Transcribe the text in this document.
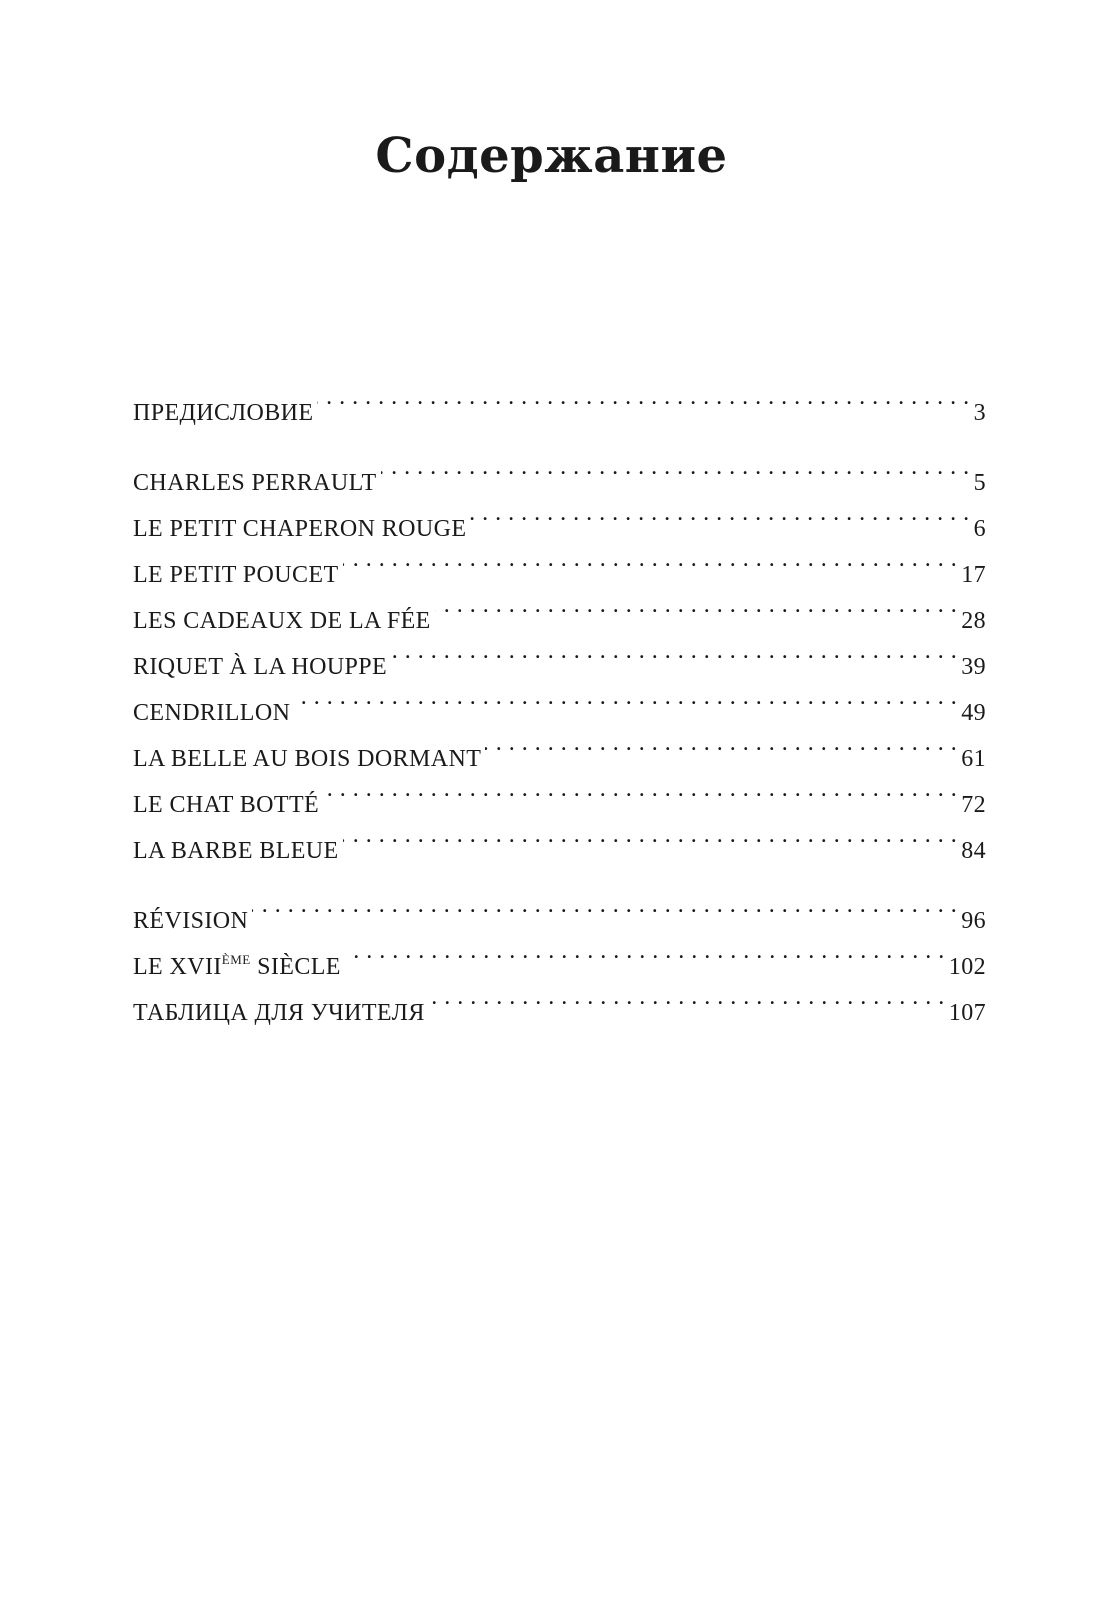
Содержание
ПРЕДИСЛОВИЕ . . .	3
CHARLES PERRAULT . . .	5
LE PETIT CHAPERON ROUGE . . .	6
LE PETIT POUCET . . .	17
LES CADEAUX DE LA FÉE . . .	28
RIQUET À LA HOUPPE . . .	39
CENDRILLON . . .	49
LA BELLE AU BOIS DORMANT . . .	61
LE CHAT BOTTÉ . . .	72
LA BARBE BLEUE . . .	84
RÉVISION . . .	96
LE XVIIÈME SIÈCLE . . .	102
ТАБЛИЦА ДЛЯ УЧИТЕЛЯ . . .	107
